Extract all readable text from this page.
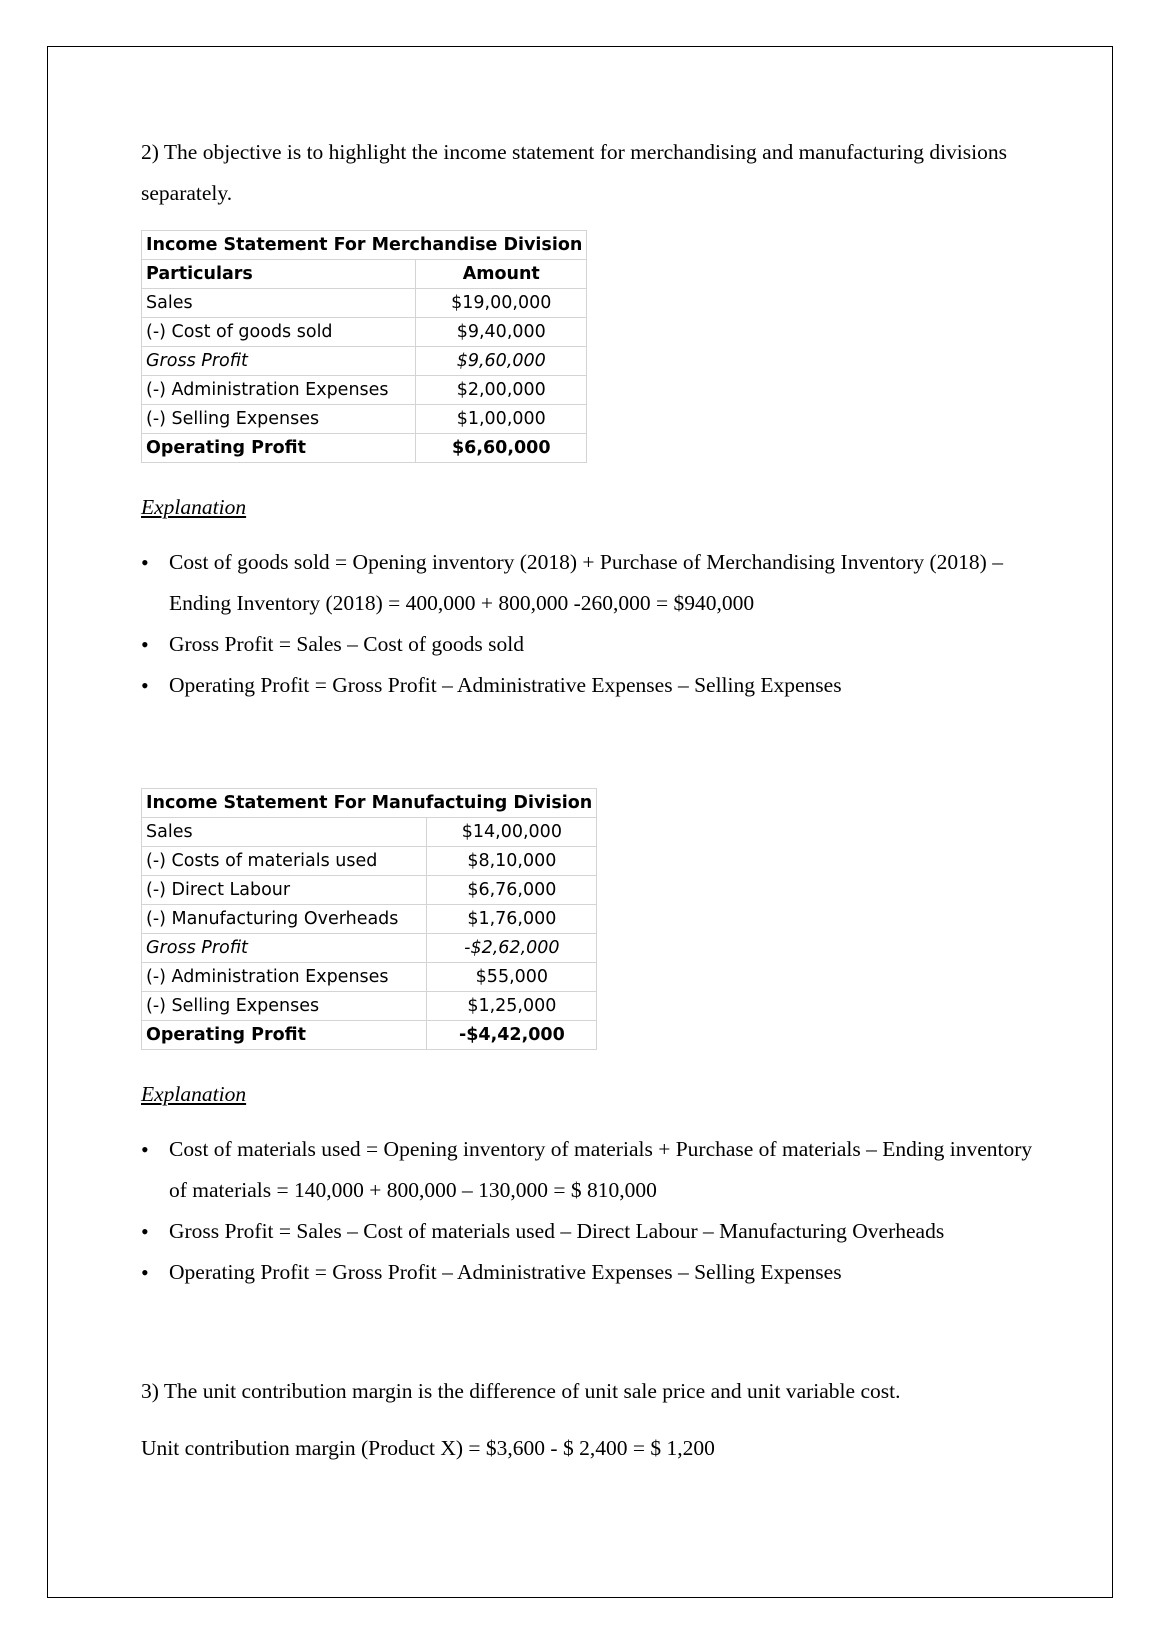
2) The objective is to highlight the income statement for merchandising and manufacturing divisions separately.

Income Statement For Merchandise Division	
Particulars	Amount
Sales	$19,00,000
(-) Cost of goods sold	$9,40,000
Gross Profit	$9,60,000
(-) Administration Expenses	$2,00,000
(-) Selling Expenses	$1,00,000
Operating Profit	$6,60,000

Explanation

• Cost of goods sold = Opening inventory (2018) + Purchase of Merchandising Inventory (2018) – Ending Inventory (2018) = 400,000 + 800,000 -260,000 = $940,000
• Gross Profit = Sales – Cost of goods sold
• Operating Profit = Gross Profit – Administrative Expenses – Selling Expenses
Income Statement For Manufactuing Division	
Sales	$14,00,000
(-) Costs of materials used	$8,10,000
(-) Direct Labour	$6,76,000
(-) Manufacturing Overheads	$1,76,000
Gross Profit	-$2,62,000
(-) Administration Expenses	$55,000
(-) Selling Expenses	$1,25,000
Operating Profit	-$4,42,000

Explanation

• Cost of materials used = Opening inventory of materials + Purchase of materials – Ending inventory of materials = 140,000 + 800,000 – 130,000 = $ 810,000
• Gross Profit = Sales – Cost of materials used – Direct Labour – Manufacturing Overheads
• Operating Profit = Gross Profit – Administrative Expenses – Selling Expenses

3) The unit contribution margin is the difference of unit sale price and unit variable cost.

Unit contribution margin (Product X) = $3,600 - $ 2,400 = $ 1,200
